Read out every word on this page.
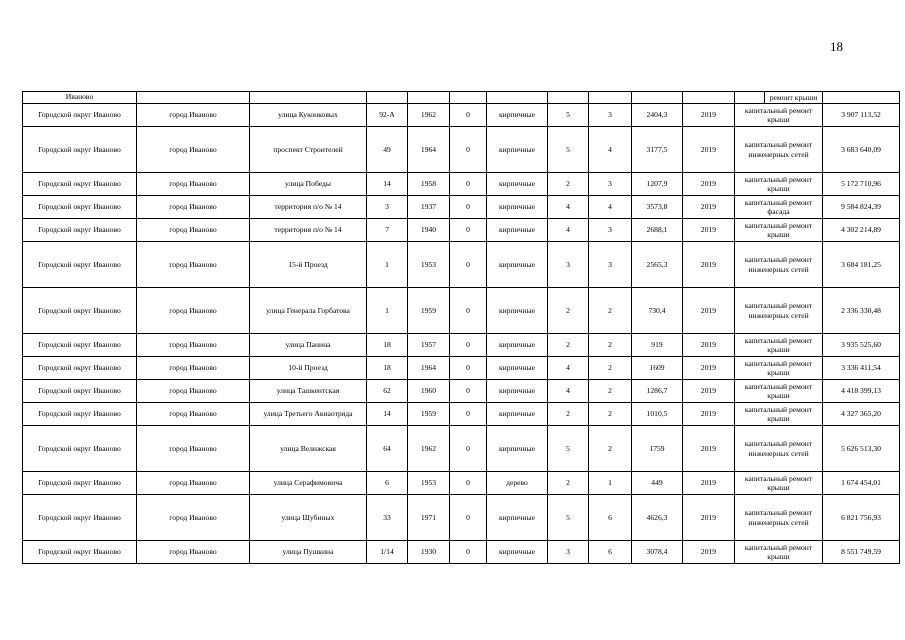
18
Иваново												ремонт крыши	
Городской округ Иваново	город Иваново	улица Куконковых	92-А	1962	0	кирпичные	5	3	2404,3	2019	капитальный ремонт крыши		3 907 113,52
Городской округ Иваново	город Иваново	проспект Строителей	49	1964	0	кирпичные	5	4	3177,5	2019	капитальный ремонт инженерных сетей		3 683 640,09
Городской округ Иваново	город Иваново	улица Победы	14	1958	0	кирпичные	2	3	1207,9	2019	капитальный ремонт крыши		5 172 710,96
Городской округ Иваново	город Иваново	территория п/о № 14	3	1937	0	кирпичные	4	4	3573,8	2019	капитальный ремонт фасада		9 584 824,39
Городской округ Иваново	город Иваново	территория п/о № 14	7	1940	0	кирпичные	4	3	2688,1	2019	капитальный ремонт крыши		4 302 214,89
Городской округ Иваново	город Иваново	15-й Проезд	1	1953	0	кирпичные	3	3	2565,3	2019	капитальный ремонт инженерных сетей		3 684 181,25
Городской округ Иваново	город Иваново	улица Генерала Горбатова	1	1959	0	кирпичные	2	2	730,4	2019	капитальный ремонт инженерных сетей		2 336 330,48
Городской округ Иваново	город Иваново	улица Панина	18	1957	0	кирпичные	2	2	919	2019	капитальный ремонт крыши		3 935 525,60
Городской округ Иваново	город Иваново	10-й Проезд	18	1964	0	кирпичные	4	2	1609	2019	капитальный ремонт крыши		3 336 411,54
Городской округ Иваново	город Иваново	улица Ташкентская	62	1960	0	кирпичные	4	2	1286,7	2019	капитальный ремонт крыши		4 418 399,13
Городской округ Иваново	город Иваново	улица Третьего Авиаотряда	14	1959	0	кирпичные	2	2	1010,5	2019	капитальный ремонт крыши		4 327 365,20
Городской округ Иваново	город Иваново	улица Велижская	64	1962	0	кирпичные	5	2	1759	2019	капитальный ремонт инженерных сетей		5 626 513,30
Городской округ Иваново	город Иваново	улица Серафимовича	6	1953	0	дерево	2	1	449	2019	капитальный ремонт крыши		1 674 454,01
Городской округ Иваново	город Иваново	улица Шубиных	33	1971	0	кирпичные	5	6	4626,3	2019	капитальный ремонт инженерных сетей		6 821 756,93
Городской округ Иваново	город Иваново	улица Пушкина	1/14	1930	0	кирпичные	3	6	3078,4	2019	капитальный ремонт крыши		8 551 749,59
